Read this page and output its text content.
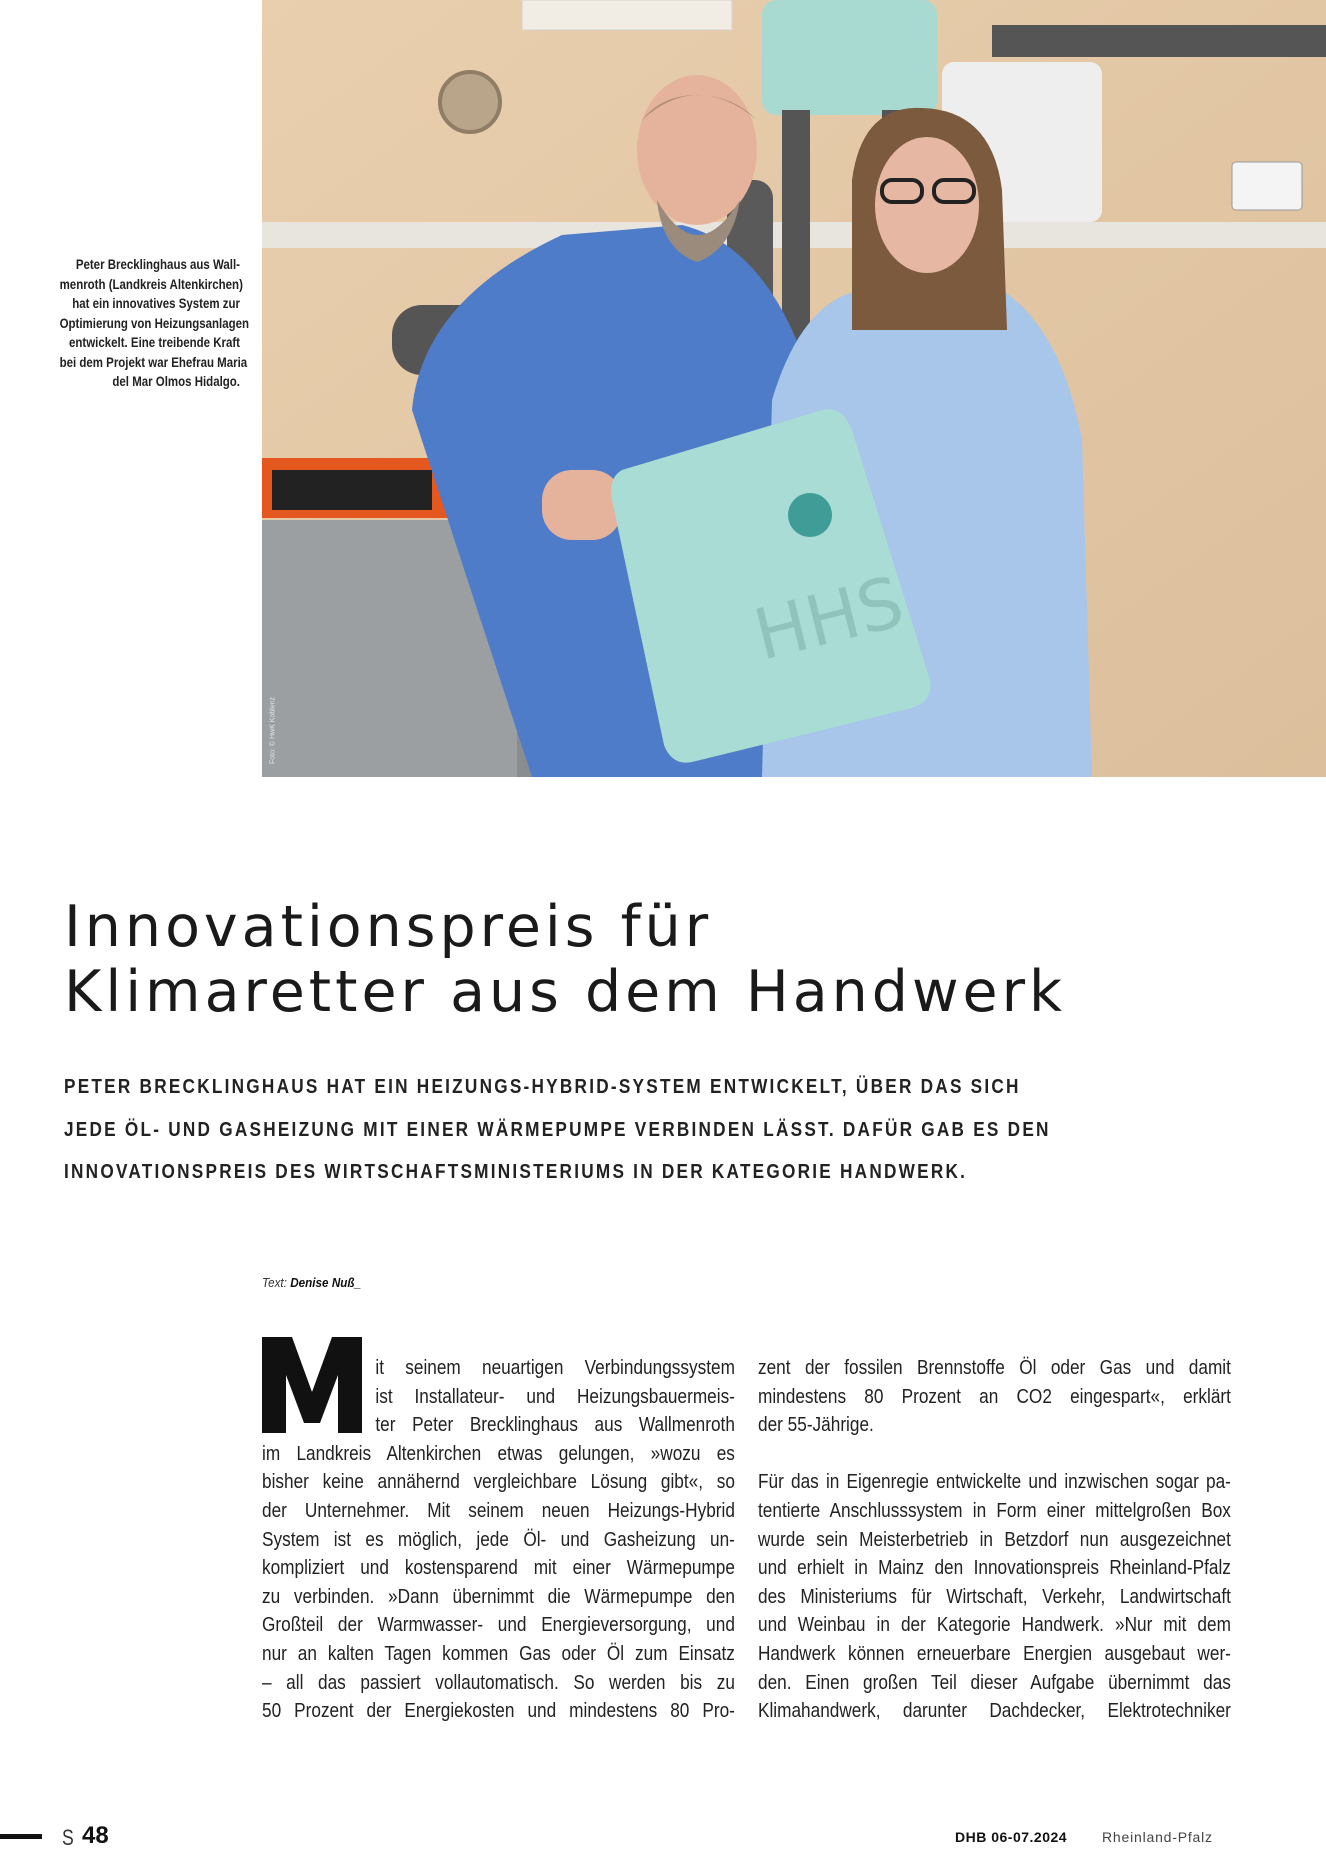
HHS
Foto: © HwK Koblenz
Peter Brecklinghaus aus Wall-
menroth (Landkreis Altenkirchen)
hat ein innovatives System zur
Optimierung von Heizungsanlagen
entwickelt. Eine treibende Kraft
bei dem Projekt war Ehefrau Maria
del Mar Olmos Hidalgo.
Innovationspreis für
Klimaretter aus dem Handwerk
PETER BRECKLINGHAUS HAT EIN HEIZUNGS-HYBRID-SYSTEM ENTWICKELT, ÜBER DAS SICH
JEDE ÖL- UND GASHEIZUNG MIT EINER WÄRMEPUMPE VERBINDEN LÄSST. DAFÜR GAB ES DEN
INNOVATIONSPREIS DES WIRTSCHAFTSMINISTERIUMS IN DER KATEGORIE HANDWERK.
Text: Denise Nuß_
it seinem neuartigen Verbindungssystem
ist Installateur- und Heizungsbauermeis-
ter Peter Brecklinghaus aus Wallmenroth
im Landkreis Altenkirchen etwas gelungen, »wozu es
bisher keine annähernd vergleichbare Lösung gibt«, so
der Unternehmer. Mit seinem neuen Heizungs-Hybrid
System ist es möglich, jede Öl- und Gasheizung un-
kompliziert und kostensparend mit einer Wärmepumpe
zu verbinden. »Dann übernimmt die Wärmepumpe den
Großteil der Warmwasser- und Energieversorgung, und
nur an kalten Tagen kommen Gas oder Öl zum Einsatz
– all das passiert vollautomatisch. So werden bis zu
50 Prozent der Energiekosten und mindestens 80 Pro-
zent der fossilen Brennstoffe Öl oder Gas und damit
mindestens 80 Prozent an CO2 eingespart«, erklärt
der 55-Jährige.
Für das in Eigenregie entwickelte und inzwischen sogar pa-
tentierte Anschlusssystem in Form einer mittelgroßen Box
wurde sein Meisterbetrieb in Betzdorf nun ausgezeichnet
und erhielt in Mainz den Innovationspreis Rheinland-Pfalz
des Ministeriums für Wirtschaft, Verkehr, Landwirtschaft
und Weinbau in der Kategorie Handwerk. »Nur mit dem
Handwerk können erneuerbare Energien ausgebaut wer-
den. Einen großen Teil dieser Aufgabe übernimmt das
Klimahandwerk, darunter Dachdecker, Elektrotechniker
S 48	DHB 06-07.2024 Rheinland-Pfalz
